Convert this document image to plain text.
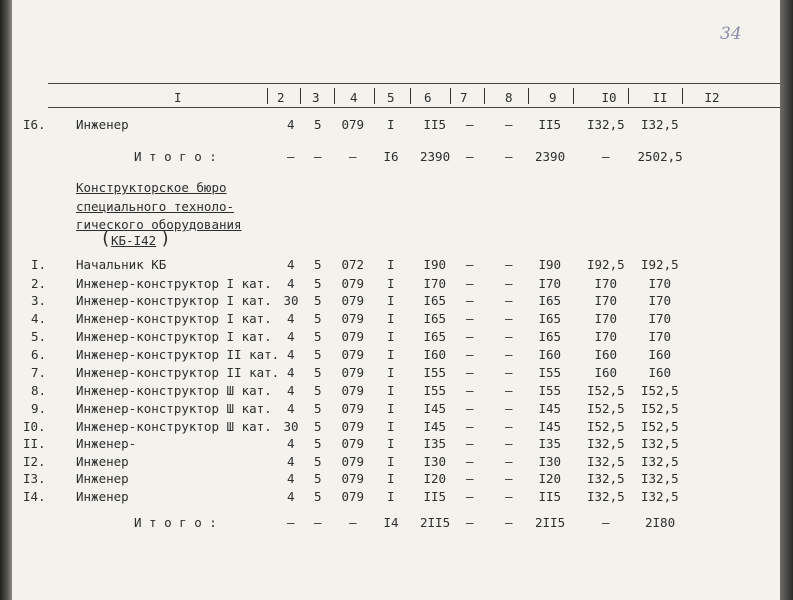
34
I	2 3 4 5 6 7	8	9	I0	II	I2
I6. Инженер	4 5 079 I II5 –	– II5 I32,5 I32,5
И т о г о :	– – – I6 2390 –	– 2390	– 2502,5
Конструкторское бюро
специального техноло-
гического оборудования
( КБ-I42 )
I. Начальник КБ	4 5 072 I I90 –	– I90 I92,5 I92,5
2. Инженер-конструктор I кат. 4 5 079 I I70 –	– I70	I70	I70
3. Инженер-конструктор I кат. 30 5 079 I I65 –	– I65	I70	I70
4. Инженер-конструктор I кат. 4 5 079 I I65 –	– I65	I70	I70
5. Инженер-конструктор I кат. 4 5 079 I I65 –	– I65	I70	I70
6. Инженер-конструктор II кат. 4 5 079 I I60 –	– I60	I60	I60
7. Инженер-конструктор II кат. 4 5 079 I I55 –	– I55	I60	I60
8. Инженер-конструктор Ш кат. 4 5 079 I I55 –	– I55 I52,5 I52,5
9. Инженер-конструктор Ш кат. 4 5 079 I I45 –	– I45 I52,5 I52,5
I0. Инженер-конструктор Ш кат. 30 5 079 I I45 –	– I45 I52,5 I52,5
II. Инженер-	4 5 079 I I35 –	– I35 I32,5 I32,5
I2. Инженер	4 5 079 I I30 –	– I30 I32,5 I32,5
I3. Инженер	4 5 079 I I20 –	– I20 I32,5 I32,5
I4. Инженер	4 5 079 I II5 –	– II5 I32,5 I32,5
И т о г о :	– – – I4 2II5 –	– 2II5	–	2I80
